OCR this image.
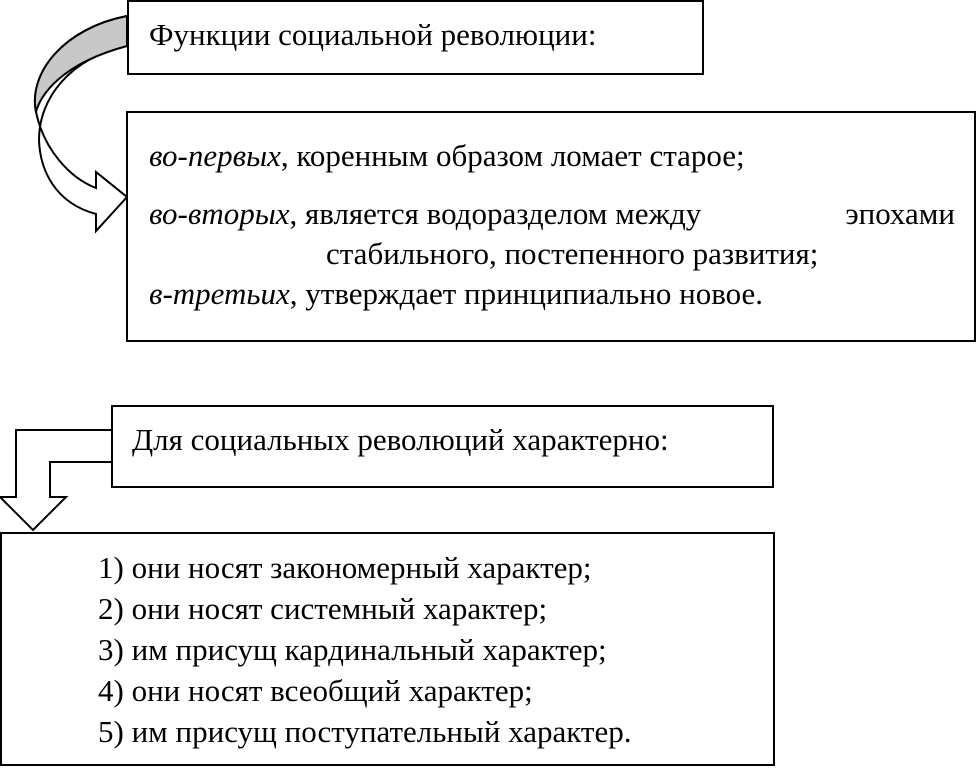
Функции социальной революции:
во-первых, коренным образом ломает старое;
во-вторых, является водоразделом между	эпохами
стабильного, постепенного развития;
в-третьих, утверждает принципиально новое.
Для социальных революций характерно:
1) они носят закономерный характер;
2) они носят системный характер;
3) им присущ кардинальный характер;
4) они носят всеобщий характер;
5) им присущ поступательный характер.
